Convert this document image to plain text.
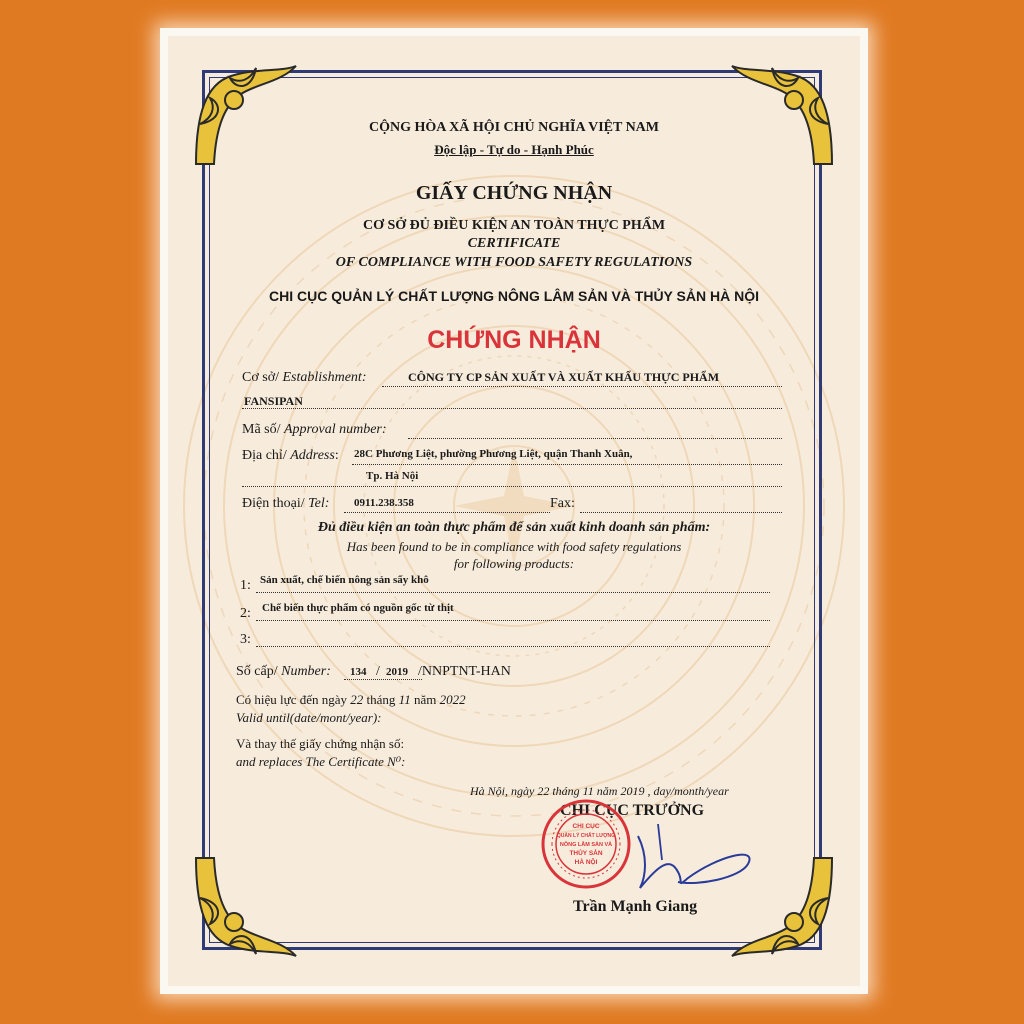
CỘNG HÒA XÃ HỘI CHỦ NGHĨA VIỆT NAM
Độc lập - Tự do - Hạnh Phúc
GIẤY CHỨNG NHẬN
CƠ SỞ ĐỦ ĐIỀU KIỆN AN TOÀN THỰC PHẨM
CERTIFICATE
OF COMPLIANCE WITH FOOD SAFETY REGULATIONS
CHI CỤC QUẢN LÝ CHẤT LƯỢNG NÔNG LÂM SẢN VÀ THỦY SẢN HÀ NỘI
CHỨNG NHẬN
Cơ sở/ Establishment:	CÔNG TY CP SẢN XUẤT VÀ XUẤT KHẨU THỰC PHẨM
FANSIPAN
Mã số/ Approval number:
Địa chỉ/ Address: 28C Phương Liệt, phường Phương Liệt, quận Thanh Xuân,
Tp. Hà Nội
Điện thoại/ Tel: 0911.238.358	Fax:
Đủ điều kiện an toàn thực phẩm để sản xuất kinh doanh sản phẩm:
Has been found to be in compliance with food safety regulations
for following products:
1: Sản xuất, chế biến nông sản sấy khô
2: Chế biến thực phẩm có nguồn gốc từ thịt
3:
Số cấp/ Number: 134 / 2019 /NNPTNT-HAN
Có hiệu lực đến ngày 22 tháng 11 năm 2022
Valid until(date/mont/year):
Và thay thế giấy chứng nhận số:
and replaces The Certificate N⁰:
Hà Nội, ngày 22 tháng 11 năm 2019 , day/month/year
CHI CỤC TRƯỞNG
CHI CỤC
QUẢN LÝ CHẤT LƯỢNG
NÔNG LÂM SẢN VÀ
THỦY SẢN
HÀ NỘI
Trần Mạnh Giang
